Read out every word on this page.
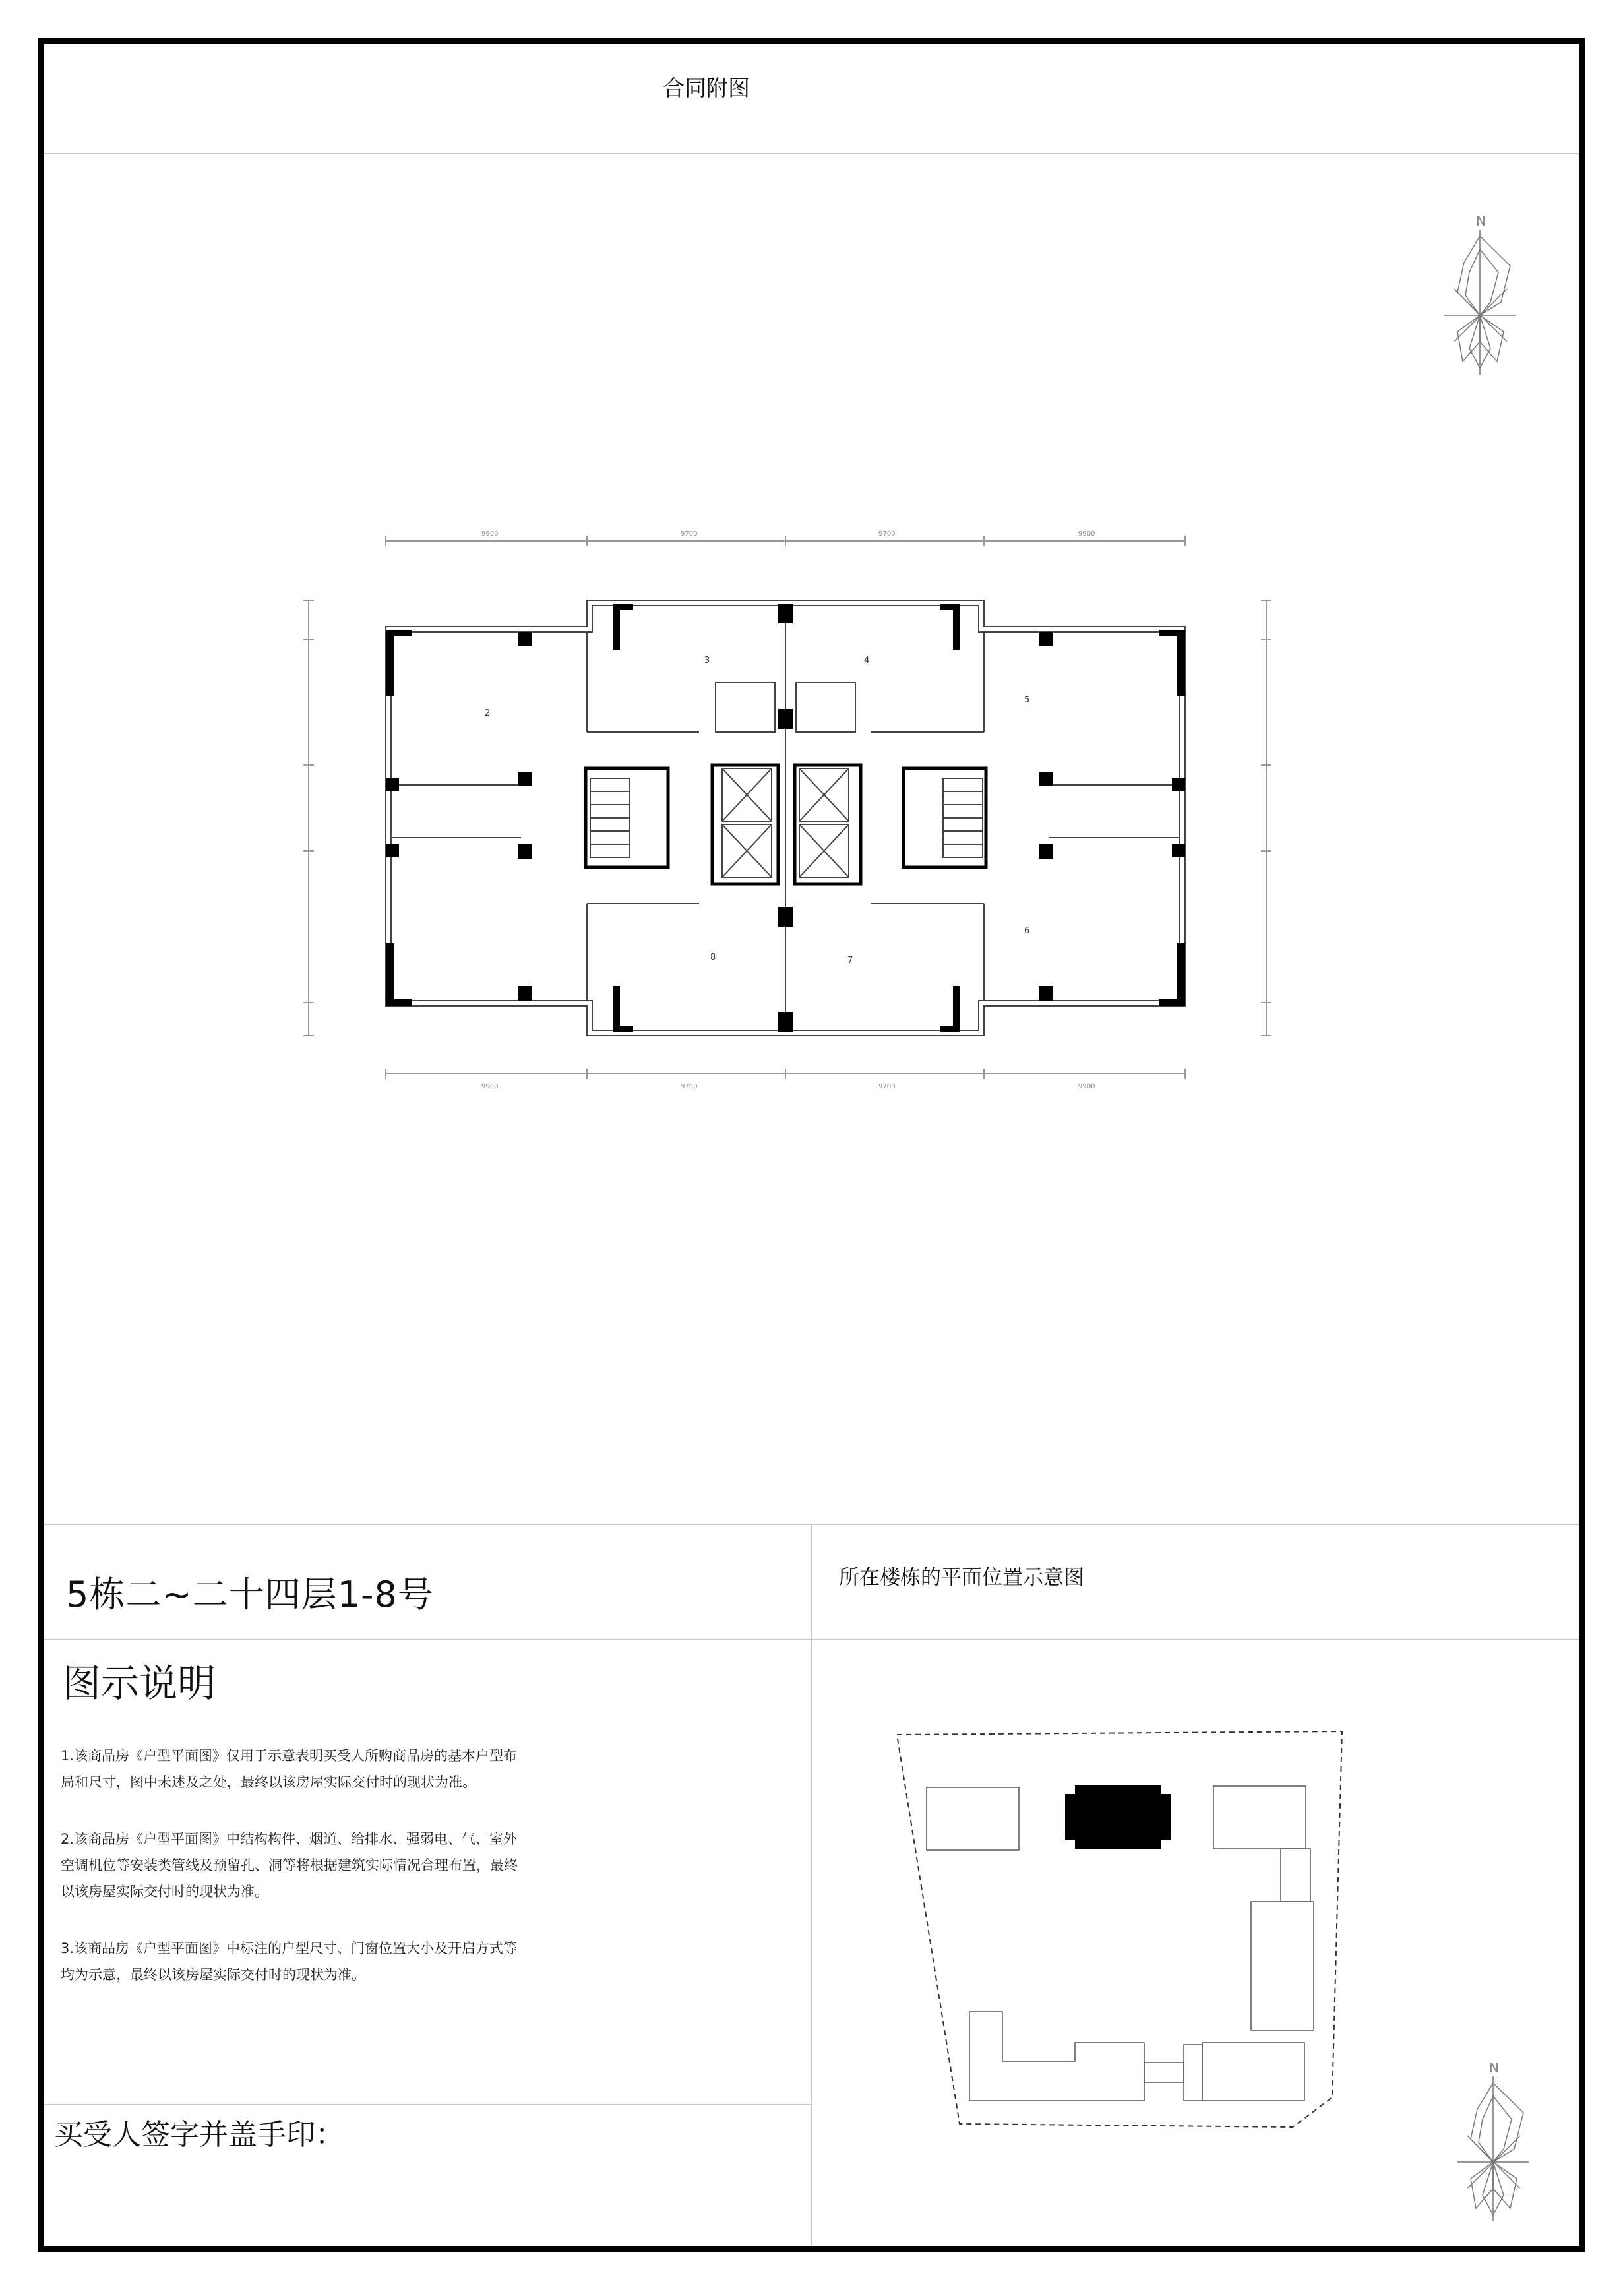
合同附图
N
9900	9700	9700	9900
9900	9700	9700	9900
2
3	4
5
6
7
8
5栋二~二十四层1-8号	所在楼栋的平面位置示意图
图示说明

1.该商品房《户型平面图》仅用于示意表明买受人所购商品房的基本户型布局和尺寸，图中未述及之处，最终以该房屋实际交付时的现状为准。

2.该商品房《户型平面图》中结构构件、烟道、给排水、强弱电、气、室外空调机位等安装类管线及预留孔、洞等将根据建筑实际情况合理布置，最终以该房屋实际交付时的现状为准。

3.该商品房《户型平面图》中标注的户型尺寸、门窗位置大小及开启方式等均为示意，最终以该房屋实际交付时的现状为准。

买受人签字并盖手印：
N
